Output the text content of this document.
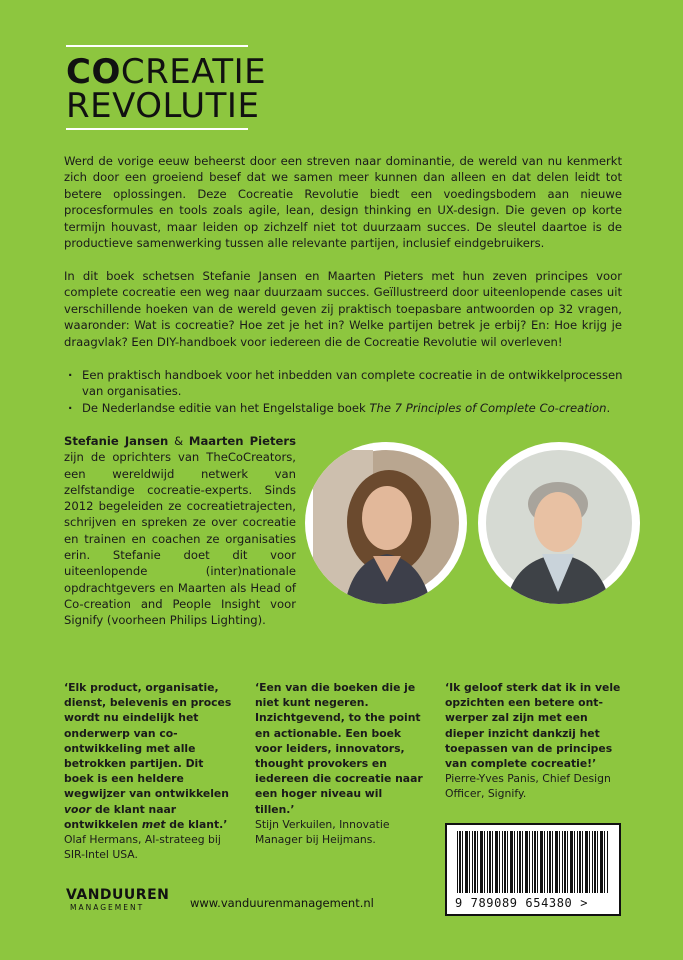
COCREATIE
REVOLUTIE
Werd de vorige eeuw beheerst door een streven naar dominantie, de wereld van nu kenmerkt zich door een groeiend besef dat we samen meer kunnen dan alleen en dat delen leidt tot betere oplossingen. Deze Cocreatie Revolutie biedt een voedingsbodem aan nieuwe procesformules en tools zoals agile, lean, design thinking en UX-design. Die geven op korte termijn houvast, maar leiden op zichzelf niet tot duurzaam succes. De sleutel daartoe is de productieve samenwerking tussen alle relevante partijen, inclusief eindgebruikers.
In dit boek schetsen Stefanie Jansen en Maarten Pieters met hun zeven principes voor complete cocreatie een weg naar duurzaam succes. Geïllustreerd door uiteenlopende cases uit verschillende hoeken van de wereld geven zij praktisch toepasbare antwoorden op 32 vragen, waaronder: Wat is cocreatie? Hoe zet je het in? Welke partijen betrek je erbij? En: Hoe krijg je draagvlak? Een DIY-handboek voor iedereen die de Cocreatie Revolutie wil overleven!
· Een praktisch handboek voor het inbedden van complete cocreatie in de ontwikkelprocessen van organisaties.
· De Nederlandse editie van het Engelstalige boek The 7 Principles of Complete Co-creation.
Stefanie Jansen & Maarten Pieters zijn de oprichters van TheCoCreators, een wereldwijd netwerk van zelfstandige cocreatie-experts. Sinds 2012 begeleiden ze cocreatietrajecten, schrijven en spreken ze over cocreatie en trainen en coachen ze organisaties erin. Stefanie doet dit voor uiteenlopende (inter)nationale opdrachtgevers en Maarten als Head of Co-creation and People Insight voor Signify (voorheen Philips Lighting).
‘Elk product, organisatie, dienst, belevenis en proces wordt nu eindelijk het onderwerp van co-ontwikkeling met alle betrokken partijen. Dit boek is een heldere wegwijzer van ontwikkelen voor de klant naar ontwikkelen met de klant.’
Olaf Hermans, AI-strateeg bij SIR-Intel USA.
‘Een van die boeken die je niet kunt negeren. Inzichtgevend, to the point en actionable. Een boek voor leiders, innovators, thought provokers en iedereen die cocreatie naar een hoger niveau wil tillen.’
Stijn Verkuilen, Innovatie Manager bij Heijmans.
‘Ik geloof sterk dat ik in vele opzichten een betere ontwerper zal zijn met een dieper inzicht dankzij het toepassen van de principes van complete cocreatie!’
Pierre-Yves Panis, Chief Design Officer, Signify.
9 789089 654380 >
VANDUUREN
MANAGEMENT	www.vanduurenmanagement.nl
